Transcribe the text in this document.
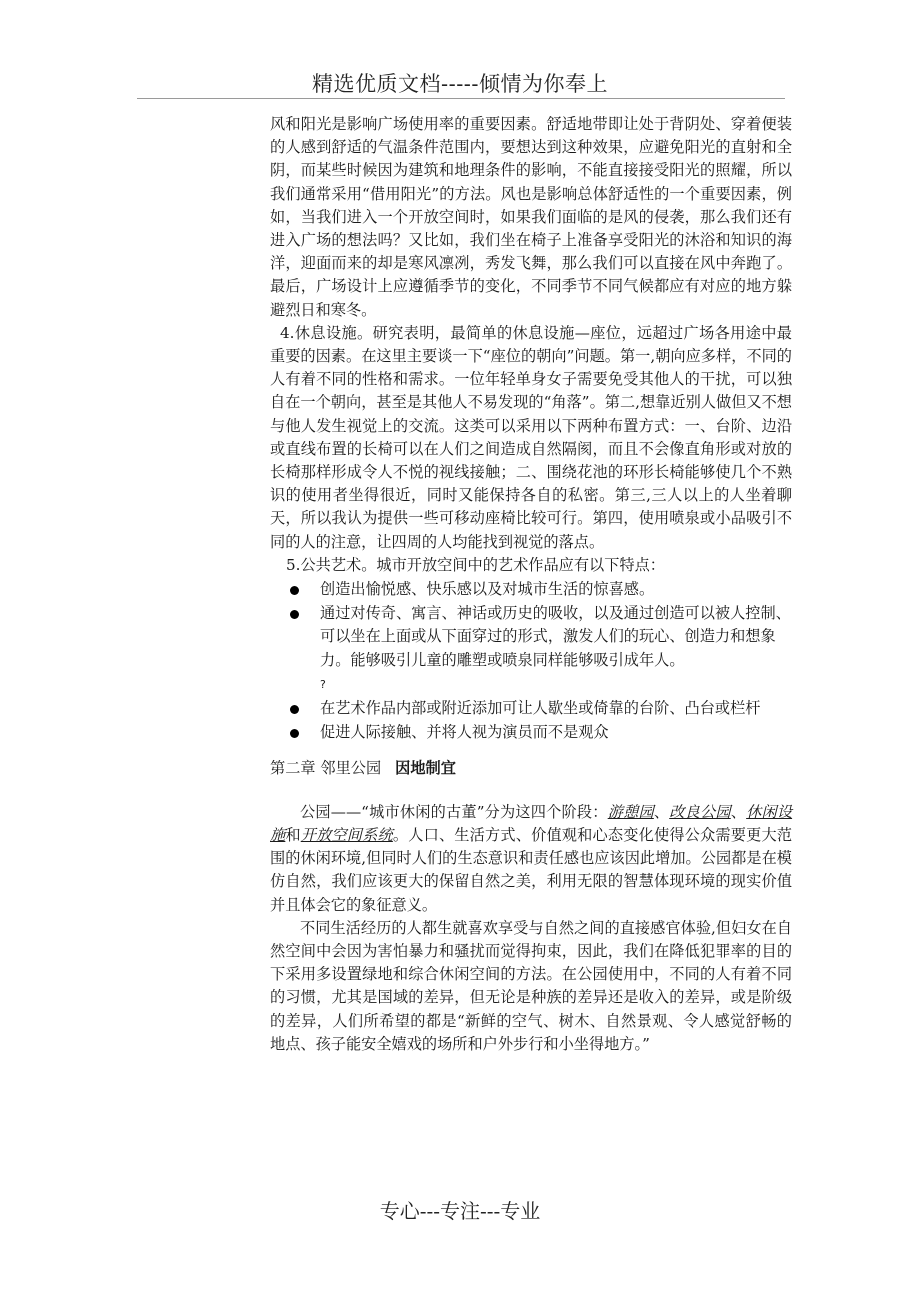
精选优质文档-----倾情为你奉上

风和阳光是影响广场使用率的重要因素。舒适地带即让处于背阴处、穿着便装的人感到舒适的气温条件范围内，要想达到这种效果，应避免阳光的直射和全阴，而某些时候因为建筑和地理条件的影响，不能直接接受阳光的照耀，所以我们通常采用“借用阳光”的方法。风也是影响总体舒适性的一个重要因素，例如，当我们进入一个开放空间时，如果我们面临的是风的侵袭，那么我们还有进入广场的想法吗？又比如，我们坐在椅子上准备享受阳光的沐浴和知识的海洋，迎面而来的却是寒风凛冽，秀发飞舞，那么我们可以直接在风中奔跑了。最后，广场设计上应遵循季节的变化，不同季节不同气候都应有对应的地方躲避烈日和寒冬。

4.休息设施。研究表明，最简单的休息设施—座位，远超过广场各用途中最重要的因素。在这里主要谈一下“座位的朝向”问题。第一,朝向应多样，不同的人有着不同的性格和需求。一位年轻单身女子需要免受其他人的干扰，可以独自在一个朝向，甚至是其他人不易发现的“角落”。第二,想靠近别人做但又不想与他人发生视觉上的交流。这类可以采用以下两种布置方式：一、台阶、边沿或直线布置的长椅可以在人们之间造成自然隔阂，而且不会像直角形或对放的长椅那样形成令人不悦的视线接触；二、围绕花池的环形长椅能够使几个不熟识的使用者坐得很近，同时又能保持各自的私密。第三,三人以上的人坐着聊天，所以我认为提供一些可移动座椅比较可行。第四，使用喷泉或小品吸引不同的人的注意，让四周的人均能找到视觉的落点。

5.公共艺术。城市开放空间中的艺术作品应有以下特点：

创造出愉悦感、快乐感以及对城市生活的惊喜感。
通过对传奇、寓言、神话或历史的吸收，以及通过创造可以被人控制、可以坐在上面或从下面穿过的形式，激发人们的玩心、创造力和想象力。能够吸引儿童的雕塑或喷泉同样能够吸引成年人。
?
在艺术作品内部或附近添加可让人歇坐或倚靠的台阶、凸台或栏杆
促进人际接触、并将人视为演员而不是观众
第二章 邻里公园 因地制宜

公园——“城市休闲的古董”分为这四个阶段：游憩园、改良公园、休闲设施和开放空间系统。人口、生活方式、价值观和心态变化使得公众需要更大范围的休闲环境,但同时人们的生态意识和责任感也应该因此增加。公园都是在模仿自然，我们应该更大的保留自然之美，利用无限的智慧体现环境的现实价值并且体会它的象征意义。

不同生活经历的人都生就喜欢享受与自然之间的直接感官体验,但妇女在自然空间中会因为害怕暴力和骚扰而觉得拘束，因此，我们在降低犯罪率的目的下采用多设置绿地和综合休闲空间的方法。在公园使用中，不同的人有着不同的习惯，尤其是国域的差异，但无论是种族的差异还是收入的差异，或是阶级的差异，人们所希望的都是“新鲜的空气、树木、自然景观、令人感觉舒畅的地点、孩子能安全嬉戏的场所和户外步行和小坐得地方。”

专心---专注---专业
